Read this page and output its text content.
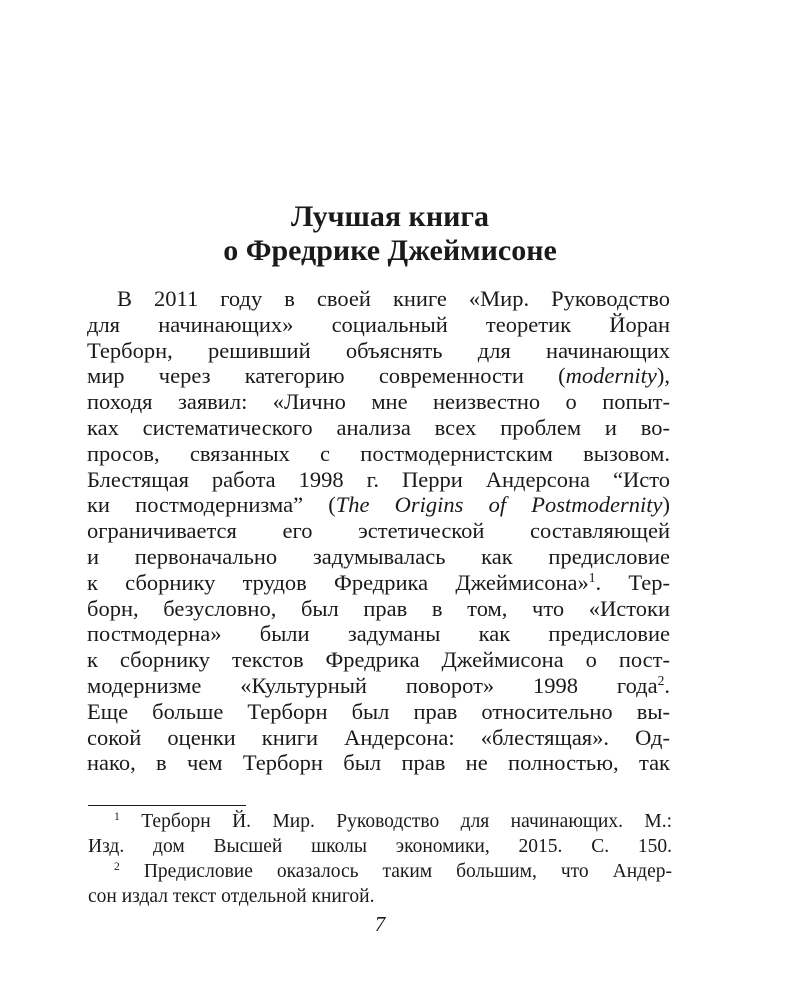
Лучшая книга
о Фредрике Джеймисоне
В 2011 году в своей книге «Мир. Руководство
для начинающих» социальный теоретик Йоран
Терборн, решивший объяснять для начинающих
мир через категорию современности (modernity),
походя заявил: «Лично мне неизвестно о попыт-
ках систематического анализа всех проблем и во-
просов, связанных с постмодернистским вызовом.
Блестящая работа 1998 г. Перри Андерсона “Исто
ки постмодернизма” (The Origins of Postmodernity)
ограничивается его эстетической составляющей
и первоначально задумывалась как предисловие
к сборнику трудов Фредрика Джеймисона»$^1$. Тер-
борн, безусловно, был прав в том, что «Истоки
постмодерна» были задуманы как предисловие
к сборнику текстов Фредрика Джеймисона о пост-
модернизме «Культурный поворот» 1998 года$^2$.
Еще больше Терборн был прав относительно вы-
сокой оценки книги Андерсона: «блестящая». Од-
нако, в чем Терборн был прав не полностью, так
$^1$ Терборн Й. Мир. Руководство для начинающих. М.:
Изд. дом Высшей школы экономики, 2015. С. 150.
$^2$ Предисловие оказалось таким большим, что Андер-
сон издал текст отдельной книгой.
7
